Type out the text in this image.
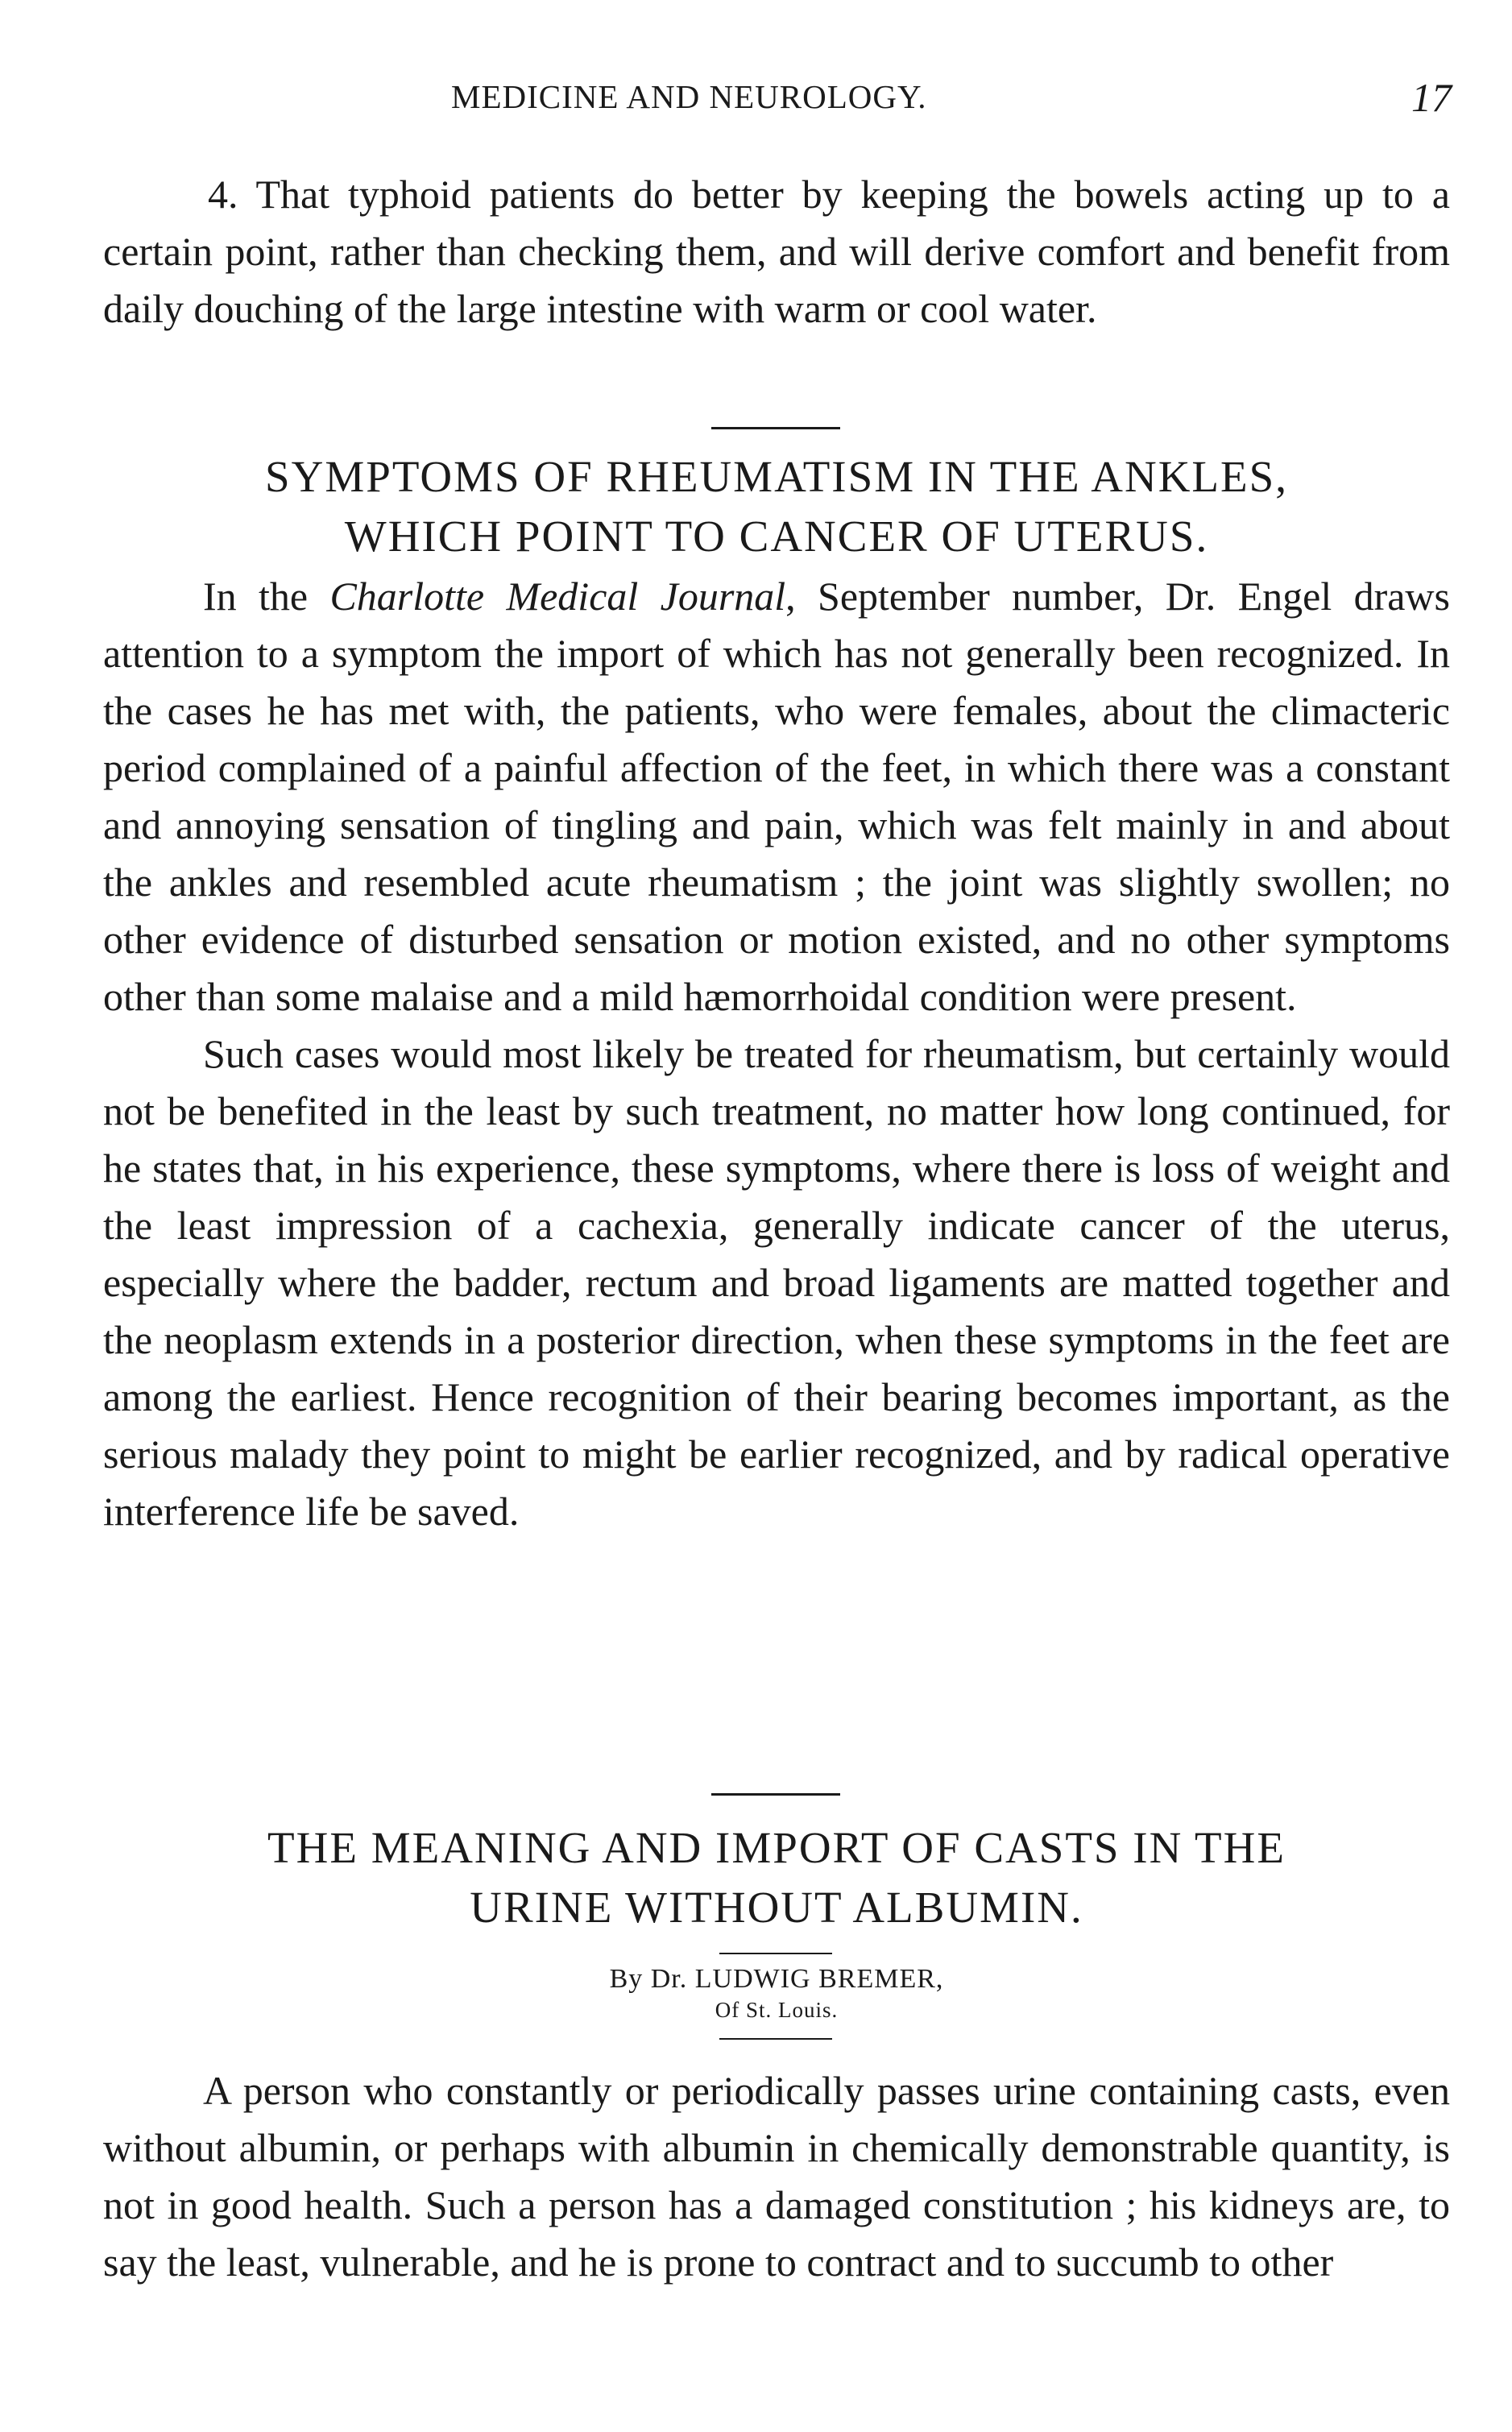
MEDICINE AND NEUROLOGY.	17

4. That typhoid patients do better by keeping the bowels acting up to a certain point, rather than checking them, and will derive comfort and benefit from daily douching of the large intestine with warm or cool water.

SYMPTOMS OF RHEUMATISM IN THE ANKLES,
WHICH POINT TO CANCER OF UTERUS.

In the Charlotte Medical Journal, September number, Dr. Engel draws attention to a symptom the import of which has not generally been recognized. In the cases he has met with, the patients, who were females, about the climacteric period complained of a painful affection of the feet, in which there was a constant and annoying sensation of tingling and pain, which was felt mainly in and about the ankles and resembled acute rheumatism ; the joint was slightly swollen; no other evidence of disturbed sensation or motion existed, and no other symptoms other than some malaise and a mild hæmorrhoidal condition were present.

Such cases would most likely be treated for rheumatism, but certainly would not be benefited in the least by such treatment, no matter how long continued, for he states that, in his experience, these symptoms, where there is loss of weight and the least impression of a cachexia, generally indicate cancer of the uterus, especially where the badder, rectum and broad ligaments are matted together and the neoplasm extends in a posterior direction, when these symptoms in the feet are among the earliest. Hence recognition of their bearing becomes important, as the serious malady they point to might be earlier recognized, and by radical operative interference life be saved.

THE MEANING AND IMPORT OF CASTS IN THE
URINE WITHOUT ALBUMIN.
By Dr. LUDWIG BREMER,
Of St. Louis.

A person who constantly or periodically passes urine containing casts, even without albumin, or perhaps with albumin in chemically demonstrable quantity, is not in good health. Such a person has a damaged constitution ; his kidneys are, to say the least, vulnerable, and he is prone to contract and to succumb to other
